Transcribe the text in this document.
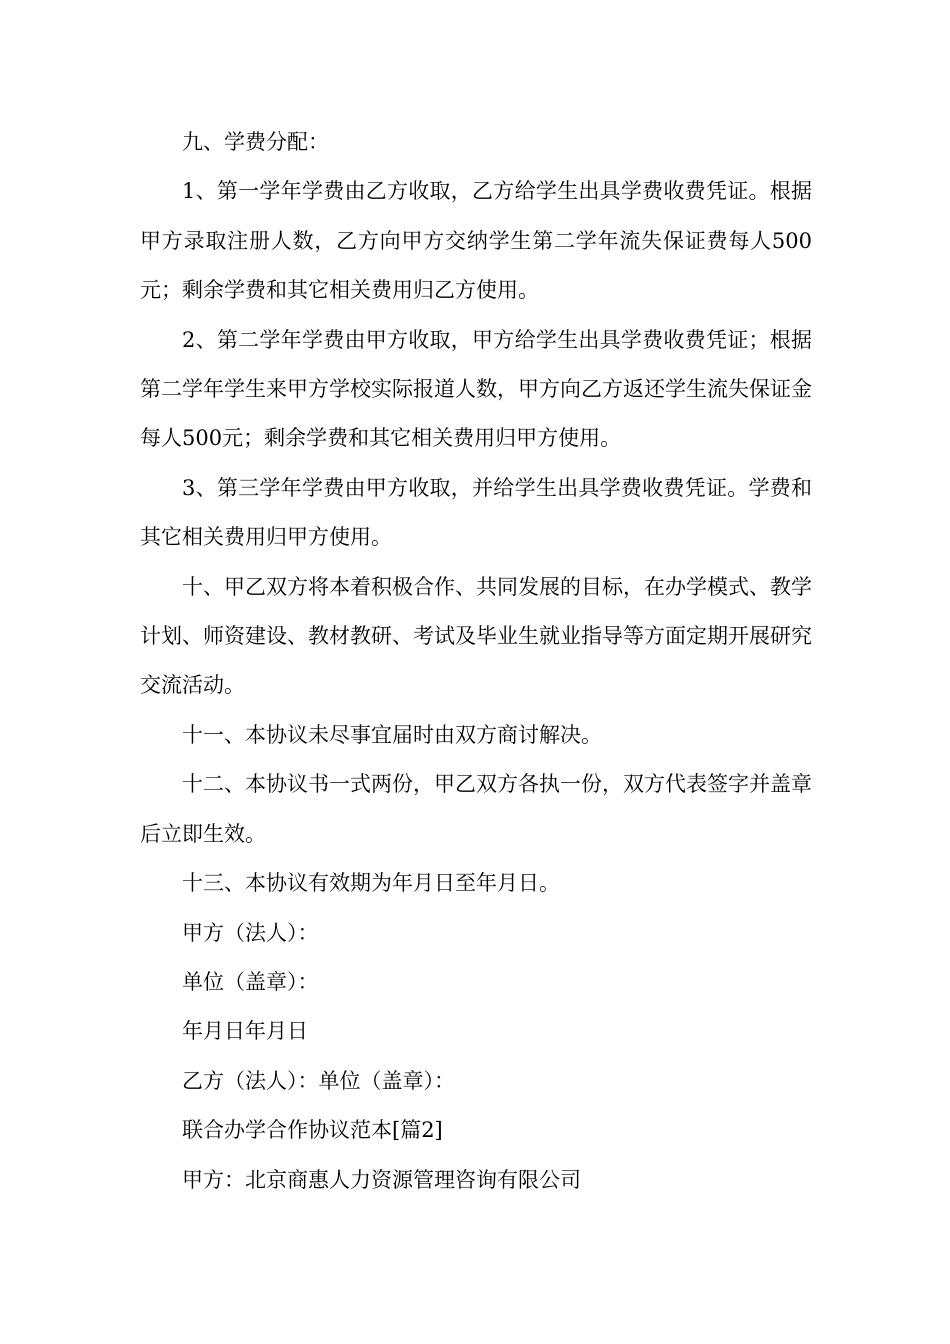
九、学费分配：

1、第一学年学费由乙方收取，乙方给学生出具学费收费凭证。根据甲方录取注册人数，乙方向甲方交纳学生第二学年流失保证费每人500元；剩余学费和其它相关费用归乙方使用。

2、第二学年学费由甲方收取，甲方给学生出具学费收费凭证；根据第二学年学生来甲方学校实际报道人数，甲方向乙方返还学生流失保证金每人500元；剩余学费和其它相关费用归甲方使用。

3、第三学年学费由甲方收取，并给学生出具学费收费凭证。学费和其它相关费用归甲方使用。

十、甲乙双方将本着积极合作、共同发展的目标，在办学模式、教学计划、师资建设、教材教研、考试及毕业生就业指导等方面定期开展研究交流活动。

十一、本协议未尽事宜届时由双方商讨解决。

十二、本协议书一式两份，甲乙双方各执一份，双方代表签字并盖章后立即生效。

十三、本协议有效期为年月日至年月日。

甲方（法人）：

单位（盖章）：

年月日年月日

乙方（法人）：单位（盖章）：

联合办学合作协议范本[篇2]

甲方：北京商惠人力资源管理咨询有限公司
